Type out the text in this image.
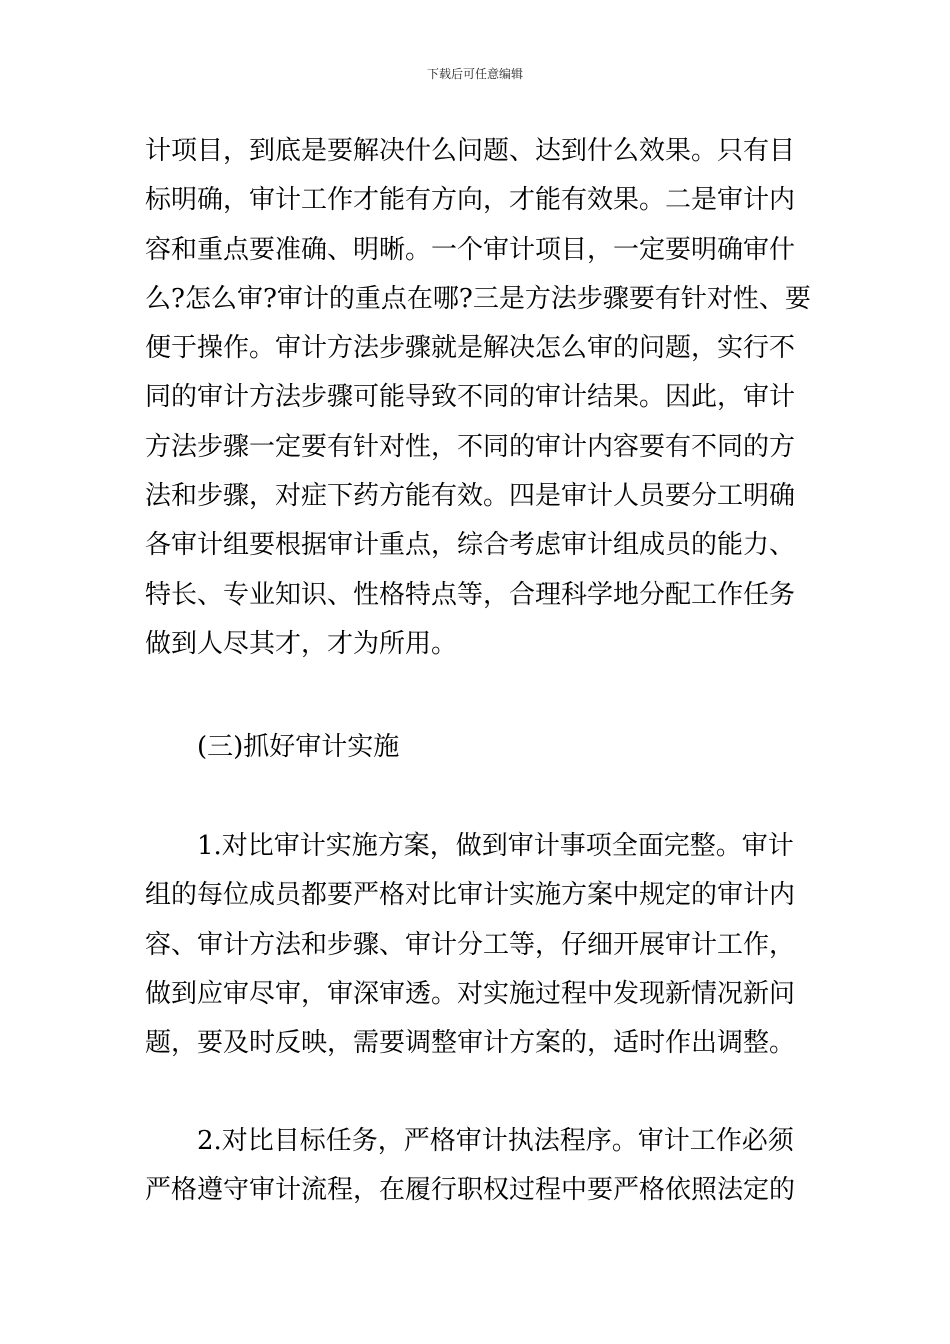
下载后可任意编辑
计项目，到底是要解决什么问题、达到什么效果。只有目
标明确，审计工作才能有方向，才能有效果。二是审计内
容和重点要准确、明晰。一个审计项目，一定要明确审什
么?怎么审?审计的重点在哪?三是方法步骤要有针对性、要
便于操作。审计方法步骤就是解决怎么审的问题，实行不
同的审计方法步骤可能导致不同的审计结果。因此，审计
方法步骤一定要有针对性，不同的审计内容要有不同的方
法和步骤，对症下药方能有效。四是审计人员要分工明确
各审计组要根据审计重点，综合考虑审计组成员的能力、
特长、专业知识、性格特点等，合理科学地分配工作任务
做到人尽其才，才为所用。
(三)抓好审计实施
1.对比审计实施方案，做到审计事项全面完整。审计
组的每位成员都要严格对比审计实施方案中规定的审计内
容、审计方法和步骤、审计分工等，仔细开展审计工作，
做到应审尽审，审深审透。对实施过程中发现新情况新问
题，要及时反映，需要调整审计方案的，适时作出调整。
2.对比目标任务，严格审计执法程序。审计工作必须
严格遵守审计流程，在履行职权过程中要严格依照法定的
